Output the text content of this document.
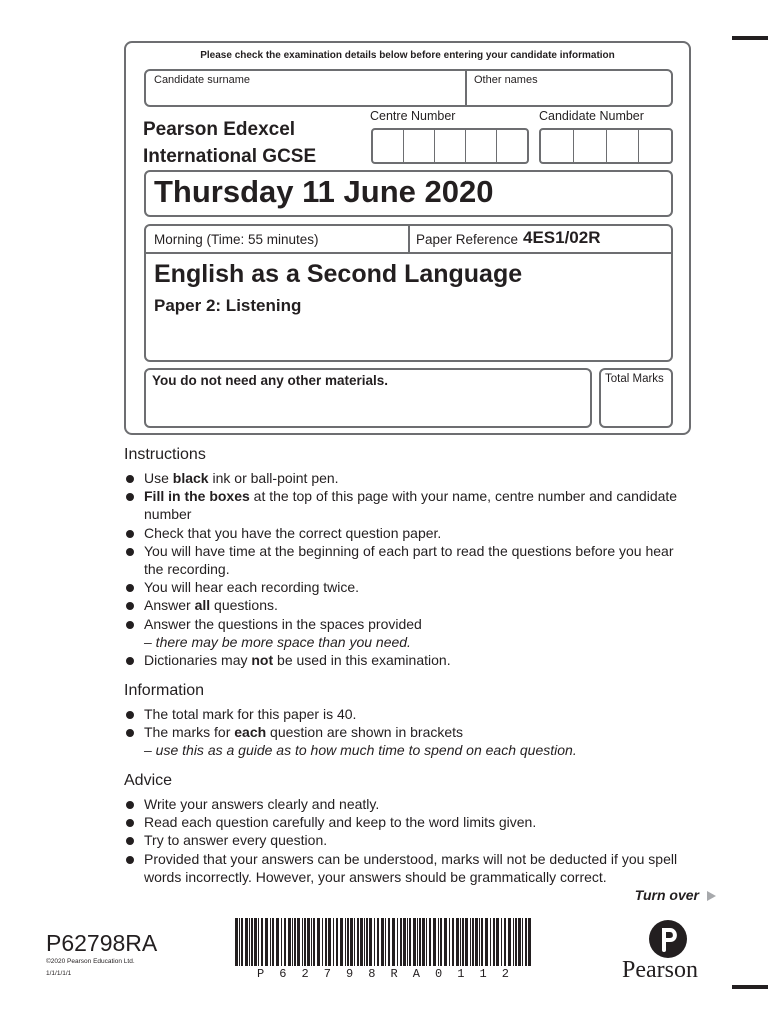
Please check the examination details below before entering your candidate information
Candidate surname	Other names
Pearson Edexcel
International GCSE
Centre Number	Candidate Number
Thursday 11 June 2020
Morning (Time: 55 minutes)	Paper Reference 4ES1/02R
English as a Second Language
Paper 2: Listening
You do not need any other materials.	Total Marks
Instructions
Use black ink or ball-point pen.
Fill in the boxes at the top of this page with your name, centre number and candidate number
Check that you have the correct question paper.
You will have time at the beginning of each part to read the questions before you hear the recording.
You will hear each recording twice.
Answer all questions.
Answer the questions in the spaces provided
– there may be more space than you need.
Dictionaries may not be used in this examination.
Information
The total mark for this paper is 40.
The marks for each question are shown in brackets
– use this as a guide as to how much time to spend on each question.
Advice
Write your answers clearly and neatly.
Read each question carefully and keep to the word limits given.
Try to answer every question.
Provided that your answers can be understood, marks will not be deducted if you spell words incorrectly. However, your answers should be grammatically correct.
Turn over
P62798RA
©2020 Pearson Education Ltd.
1/1/1/1/1	P 6 2 7 9 8 R A 0 1 1 2	Pearson
